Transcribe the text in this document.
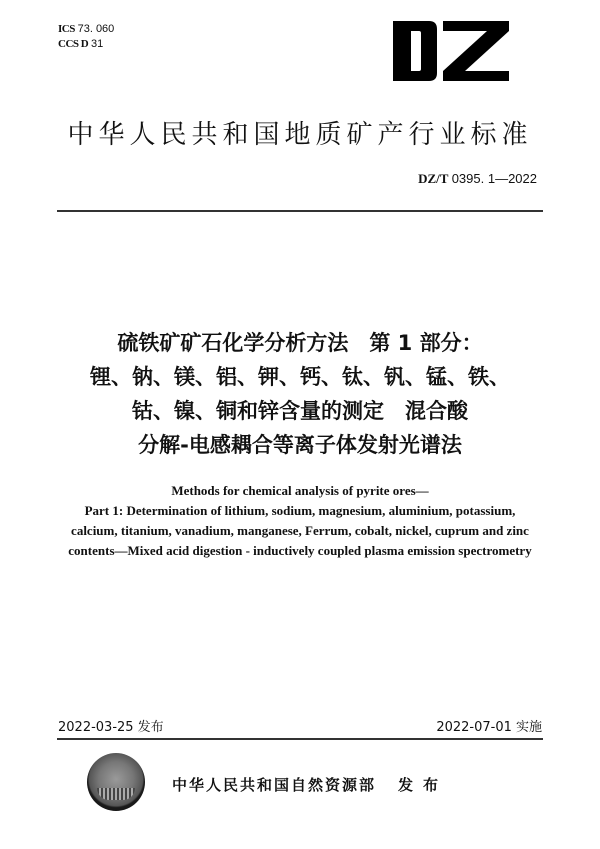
ICS 73. 060
CCS D 31
中华人民共和国地质矿产行业标准
DZ/T 0395. 1—2022
硫铁矿矿石化学分析方法　第 1 部分：
锂、钠、镁、铝、钾、钙、钛、钒、锰、铁、
钴、镍、铜和锌含量的测定　混合酸
分解-电感耦合等离子体发射光谱法
Methods for chemical analysis of pyrite ores—
Part 1: Determination of lithium, sodium, magnesium, aluminium, potassium,
calcium, titanium, vanadium, manganese, Ferrum, cobalt, nickel, cuprum and zinc
contents—Mixed acid digestion - inductively coupled plasma emission spectrometry
2022-03-25 发布	2022-07-01 实施
中华人民共和国自然资源部 发布
